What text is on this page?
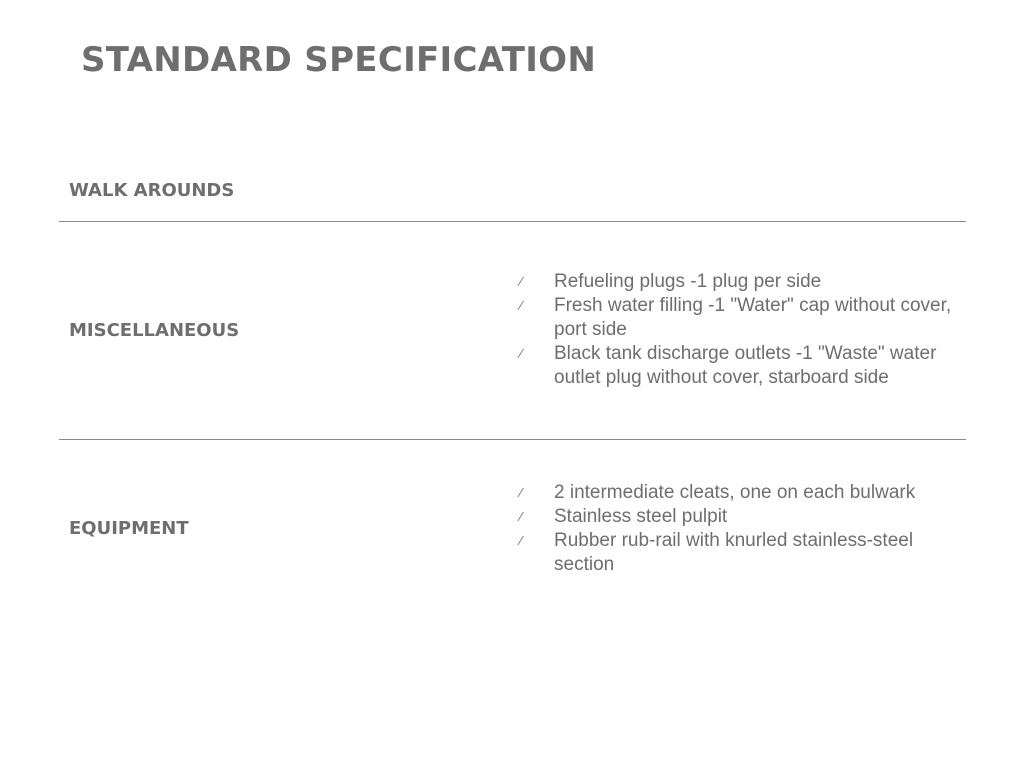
STANDARD SPECIFICATION
WALK AROUNDS
MISCELLANEOUS
⁄ Refueling plugs -1 plug per side
⁄ Fresh water filling -1 "Water" cap without cover, port side
⁄ Black tank discharge outlets -1 "Waste" water outlet plug without cover, starboard side
EQUIPMENT
⁄ 2 intermediate cleats, one on each bulwark
⁄ Stainless steel pulpit
⁄ Rubber rub-rail with knurled stainless-steel section
